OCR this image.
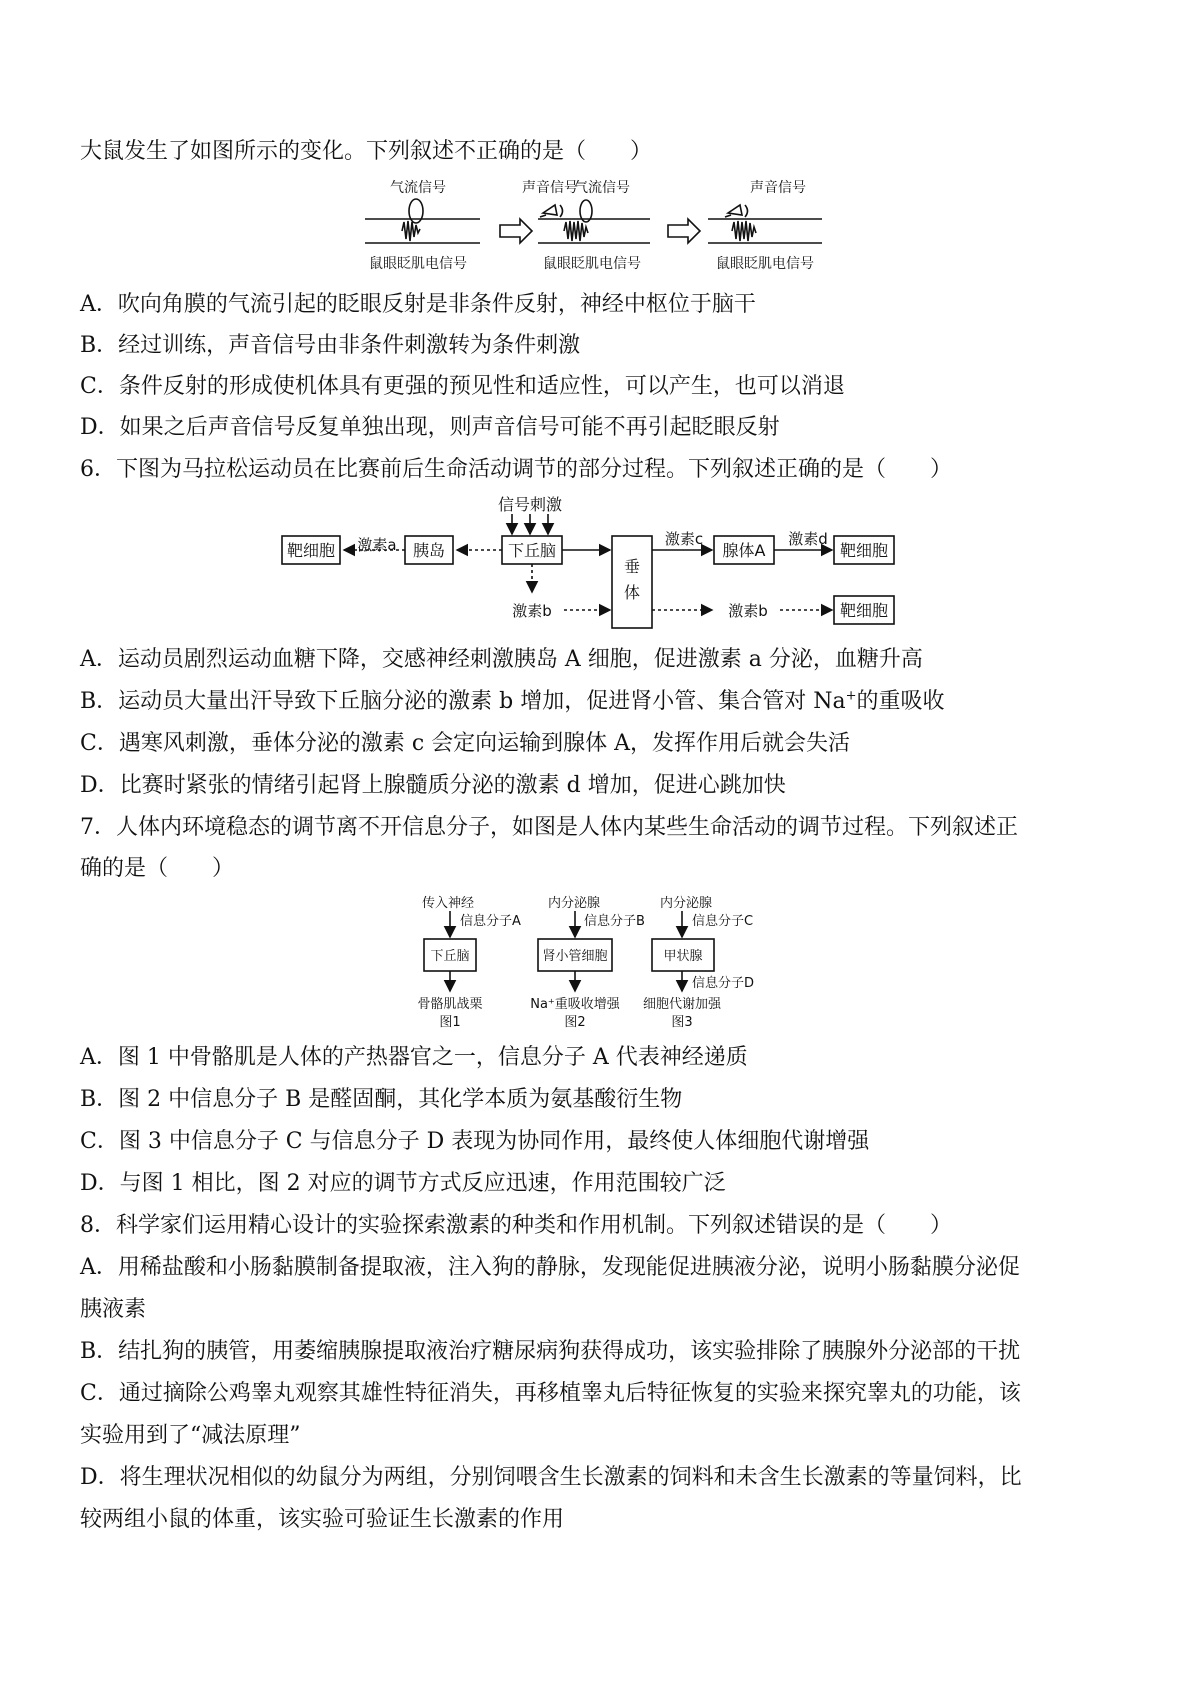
大鼠发生了如图所示的变化。下列叙述不正确的是（　　）
气流信号
鼠眼眨肌电信号
声音信号
气流信号
鼠眼眨肌电信号
声音信号
鼠眼眨肌电信号
A．吹向角膜的气流引起的眨眼反射是非条件反射，神经中枢位于脑干
B．经过训练，声音信号由非条件刺激转为条件刺激
C．条件反射的形成使机体具有更强的预见性和适应性，可以产生，也可以消退
D．如果之后声音信号反复单独出现，则声音信号可能不再引起眨眼反射
6．下图为马拉松运动员在比赛前后生命活动调节的部分过程。下列叙述正确的是（　　）
信号刺激
靶细胞 激素a 胰岛	下丘脑
垂
体
激素c
腺体A
激素d
靶细胞
激素b	激素b	靶细胞
A．运动员剧烈运动血糖下降，交感神经刺激胰岛 A 细胞，促进激素 a 分泌，血糖升高
B．运动员大量出汗导致下丘脑分泌的激素 b 增加，促进肾小管、集合管对 Na+的重吸收
C．遇寒风刺激，垂体分泌的激素 c 会定向运输到腺体 A，发挥作用后就会失活
D．比赛时紧张的情绪引起肾上腺髓质分泌的激素 d 增加，促进心跳加快
7．人体内环境稳态的调节离不开信息分子，如图是人体内某些生命活动的调节过程。下列叙述正
确的是（　　）
传入神经
信息分子A
下丘脑
骨骼肌战栗
图1
内分泌腺
信息分子B
肾小管细胞
Na⁺重吸收增强
图2
内分泌腺
信息分子C
甲状腺
信息分子D
细胞代谢加强
图3
A．图 1 中骨骼肌是人体的产热器官之一，信息分子 A 代表神经递质
B．图 2 中信息分子 B 是醛固酮，其化学本质为氨基酸衍生物
C．图 3 中信息分子 C 与信息分子 D 表现为协同作用，最终使人体细胞代谢增强
D．与图 1 相比，图 2 对应的调节方式反应迅速，作用范围较广泛
8．科学家们运用精心设计的实验探索激素的种类和作用机制。下列叙述错误的是（　　）
A．用稀盐酸和小肠黏膜制备提取液，注入狗的静脉，发现能促进胰液分泌，说明小肠黏膜分泌促
胰液素
B．结扎狗的胰管，用萎缩胰腺提取液治疗糖尿病狗获得成功，该实验排除了胰腺外分泌部的干扰
C．通过摘除公鸡睾丸观察其雄性特征消失，再移植睾丸后特征恢复的实验来探究睾丸的功能，该
实验用到了“减法原理”
D．将生理状况相似的幼鼠分为两组，分别饲喂含生长激素的饲料和未含生长激素的等量饲料，比
较两组小鼠的体重，该实验可验证生长激素的作用
